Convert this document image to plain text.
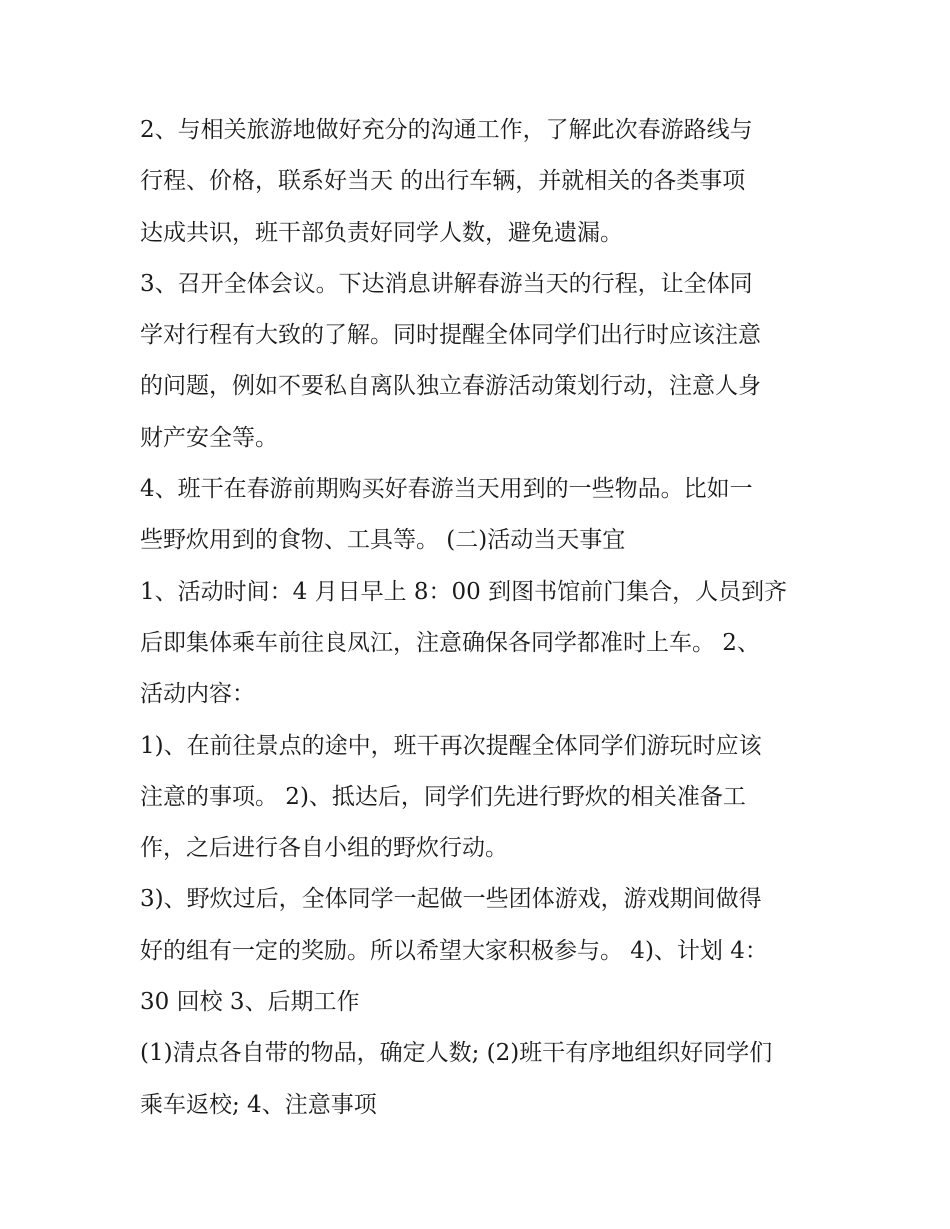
2、与相关旅游地做好充分的沟通工作，了解此次春游路线与
行程、价格，联系好当天 的出行车辆，并就相关的各类事项
达成共识，班干部负责好同学人数，避免遗漏。
3、召开全体会议。下达消息讲解春游当天的行程，让全体同
学对行程有大致的了解。同时提醒全体同学们出行时应该注意
的问题，例如不要私自离队独立春游活动策划行动，注意人身
财产安全等。
4、班干在春游前期购买好春游当天用到的一些物品。比如一
些野炊用到的食物、工具等。 (二)活动当天事宜
1、活动时间：4 月日早上 8：00 到图书馆前门集合，人员到齐
后即集体乘车前往良凤江，注意确保各同学都准时上车。 2、
活动内容：
1)、在前往景点的途中，班干再次提醒全体同学们游玩时应该
注意的事项。 2)、抵达后，同学们先进行野炊的相关准备工
作，之后进行各自小组的野炊行动。
3)、野炊过后，全体同学一起做一些团体游戏，游戏期间做得
好的组有一定的奖励。所以希望大家积极参与。 4)、计划 4：
30 回校 3、后期工作
(1)清点各自带的物品，确定人数; (2)班干有序地组织好同学们
乘车返校; 4、注意事项
